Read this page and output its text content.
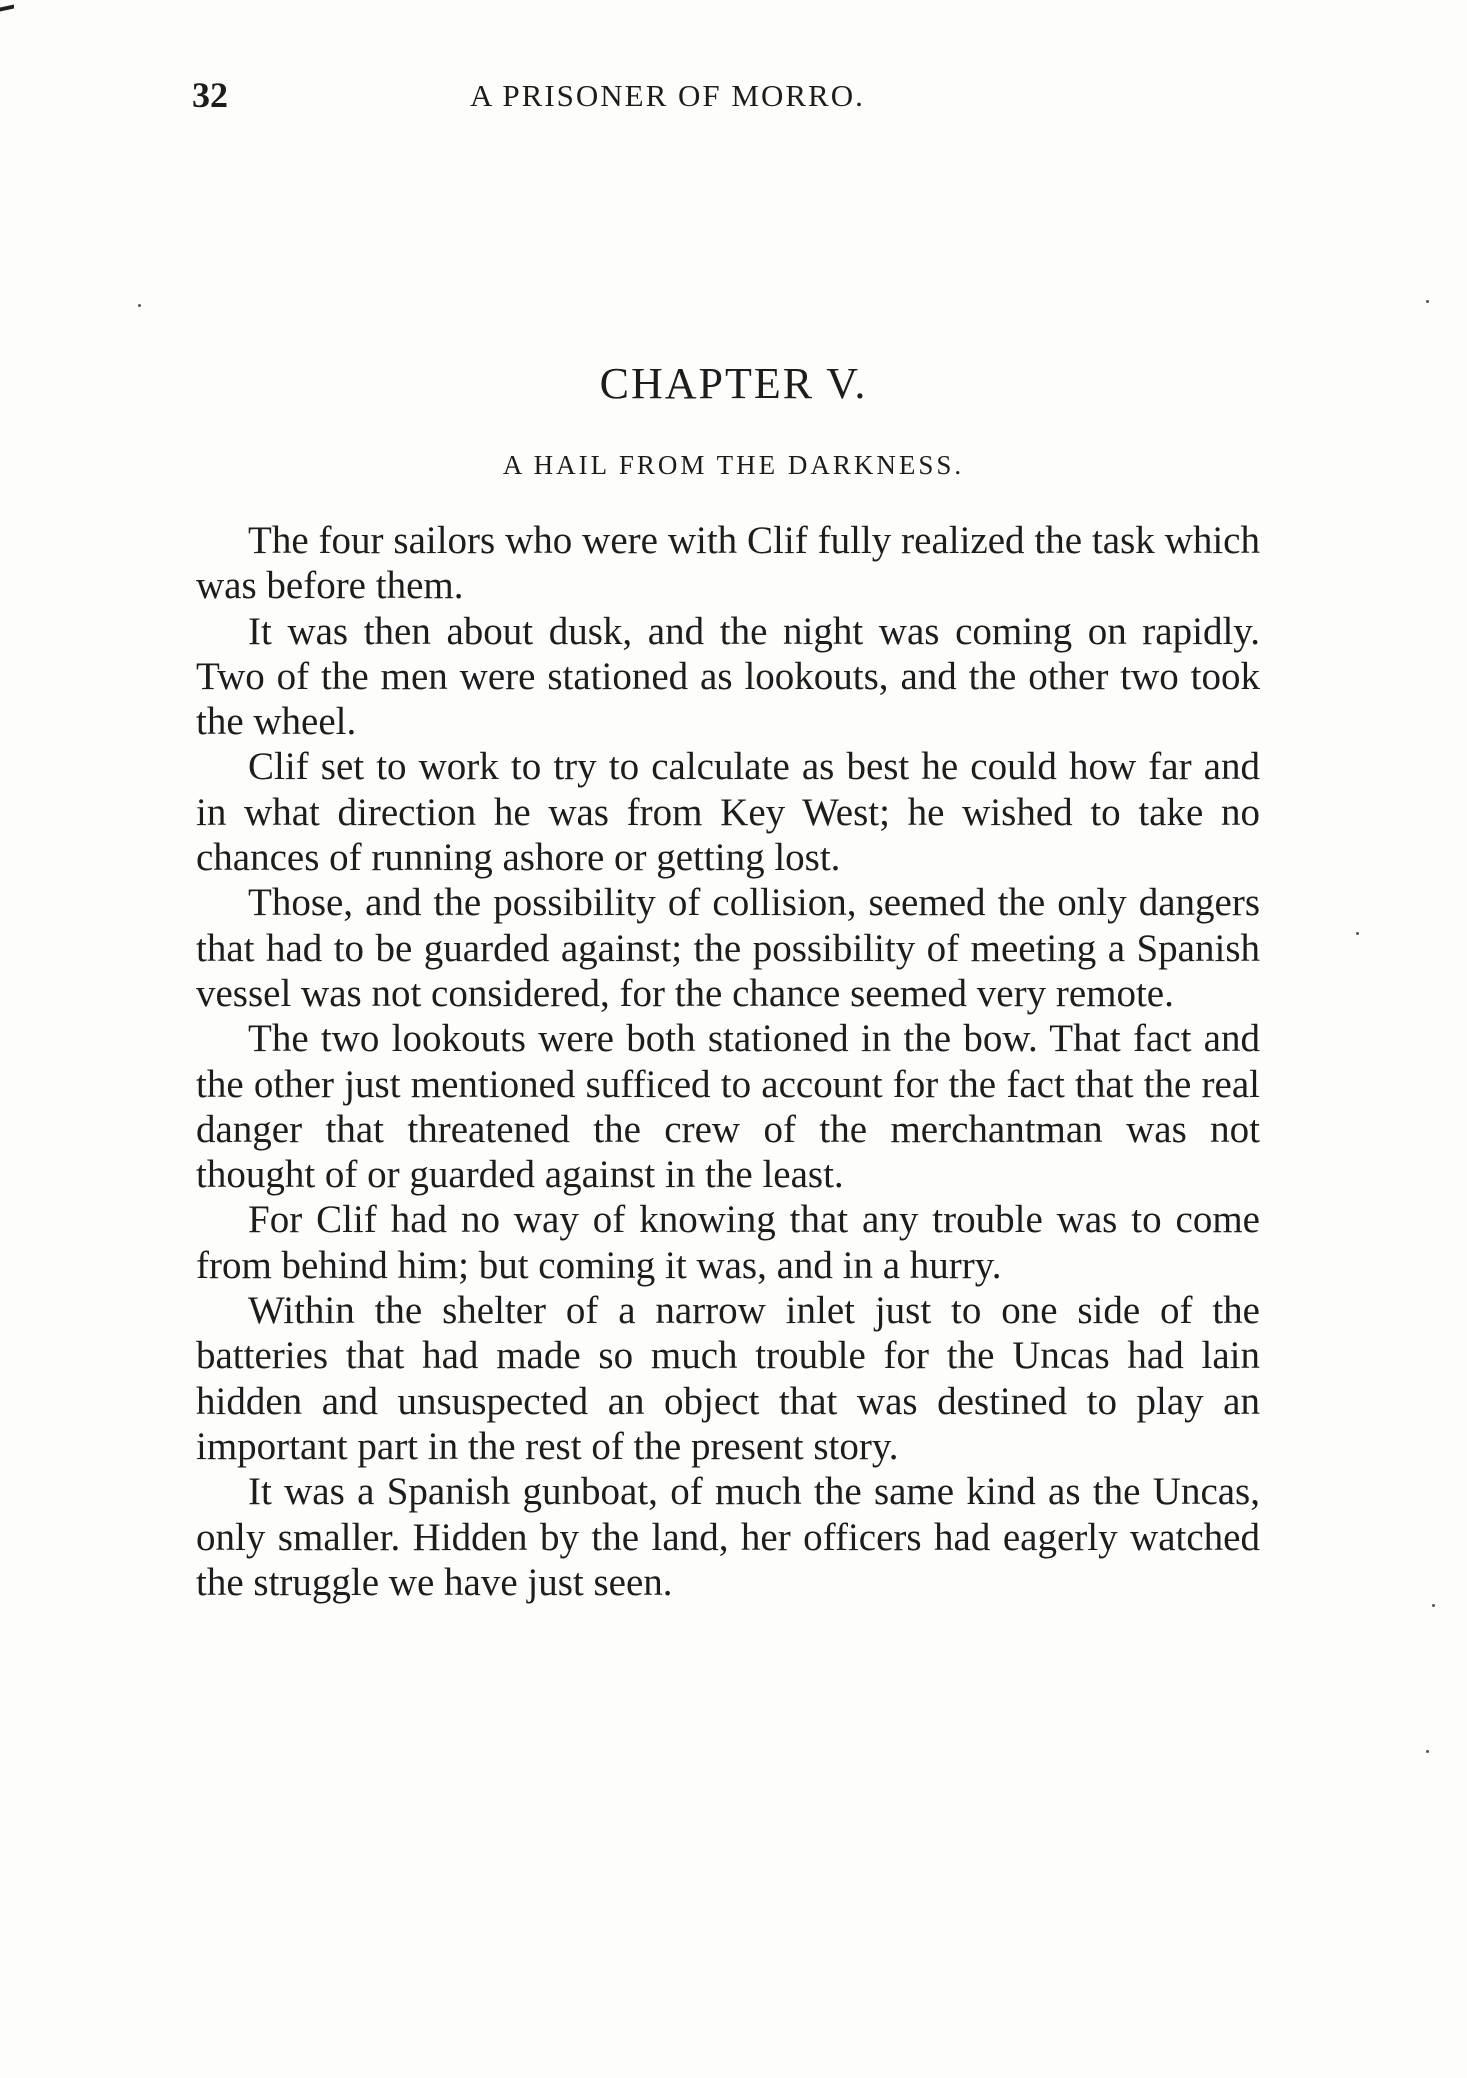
32	A PRISONER OF MORRO.
CHAPTER V.
A HAIL FROM THE DARKNESS.

The four sailors who were with Clif fully realized the task which was before them.

It was then about dusk, and the night was coming on rapidly. Two of the men were stationed as lookouts, and the other two took the wheel.

Clif set to work to try to calculate as best he could how far and in what direction he was from Key West; he wished to take no chances of running ashore or getting lost.

Those, and the possibility of collision, seemed the only dangers that had to be guarded against; the possibility of meeting a Spanish vessel was not considered, for the chance seemed very remote.

The two lookouts were both stationed in the bow. That fact and the other just mentioned sufficed to account for the fact that the real danger that threatened the crew of the merchantman was not thought of or guarded against in the least.

For Clif had no way of knowing that any trouble was to come from behind him; but coming it was, and in a hurry.

Within the shelter of a narrow inlet just to one side of the batteries that had made so much trouble for the Uncas had lain hidden and unsuspected an object that was destined to play an important part in the rest of the present story.

It was a Spanish gunboat, of much the same kind as the Uncas, only smaller. Hidden by the land, her officers had eagerly watched the struggle we have just seen.
